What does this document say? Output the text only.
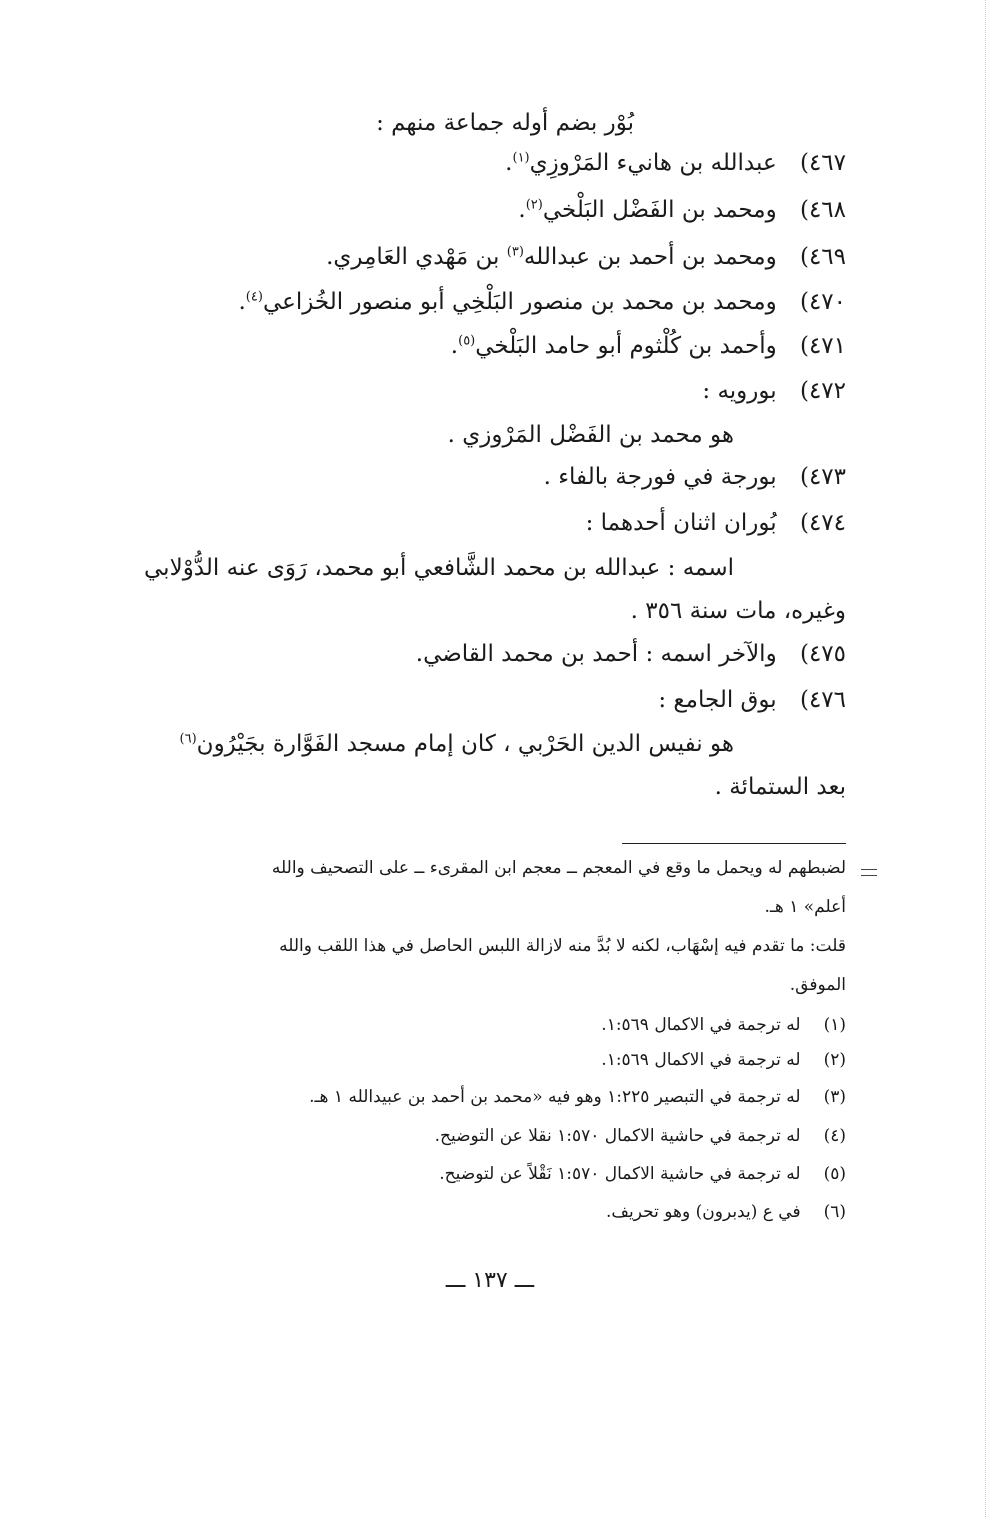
بُوْر بضم أوله جماعة منهم :
٤٦٧) عبدالله بن هانيء المَرْوزِي$^{(١)}$.
٤٦٨) ومحمد بن الفَضْل البَلْخي$^{(٢)}$.
٤٦٩) ومحمد بن أحمد بن عبدالله$^{(٣)}$ بن مَهْدي العَامِري.
٤٧٠) ومحمد بن محمد بن منصور البَلْخِي أبو منصور الخُزاعي$^{(٤)}$.
٤٧١) وأحمد بن كُلْثوم أبو حامد البَلْخي$^{(٥)}$.
٤٧٢) بورويه :
هو محمد بن الفَضْل المَرْوزي .
٤٧٣) بورجة في فورجة بالفاء .
٤٧٤) بُوران اثنان أحدهما :
اسمه : عبدالله بن محمد الشَّافعي أبو محمد، رَوَى عنه الدُّوْلابي
وغيره، مات سنة ٣٥٦ .
٤٧٥) والآخر اسمه : أحمد بن محمد القاضي.
٤٧٦) بوق الجامع :
هو نفيس الدين الحَرْبي ، كان إمام مسجد الفَوَّارة بجَيْرُون$^{(٦)}$
بعد الستمائة .
لضبطهم له ويحمل ما وقع في المعجم ــ معجم ابن المقرىء ــ على التصحيف والله
أعلم» ١ هـ.
قلت: ما تقدم فيه إسْهَاب، لكنه لا بُدَّ منه لازالة اللبس الحاصل في هذا اللقب والله
الموفق.
(١) له ترجمة في الاكمال ١:٥٦٩.
(٢) له ترجمة في الاكمال ١:٥٦٩.
(٣) له ترجمة في التبصير ١:٢٢٥ وهو فيه «محمد بن أحمد بن عبيدالله ١ هـ.
(٤) له ترجمة في حاشية الاكمال ١:٥٧٠ نقلا عن التوضيح.
(٥) له ترجمة في حاشية الاكمال ١:٥٧٠ نَقْلاً عن لتوضيح.
(٦) في ع (يدبرون) وهو تحريف.
ـــ ١٣٧ ـــ
